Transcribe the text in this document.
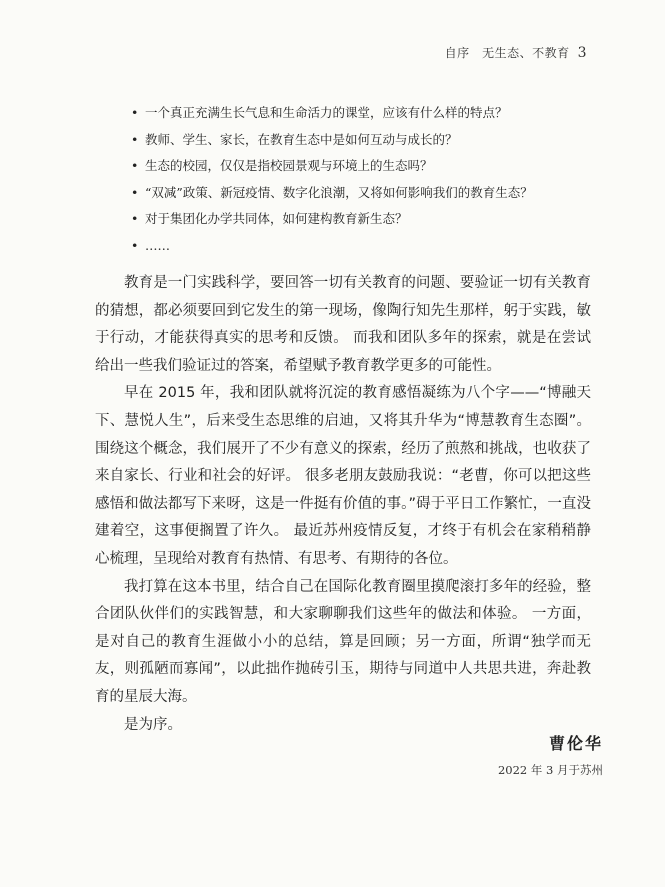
自序　无生态、不教育 3
• 一个真正充满生长气息和生命活力的课堂，应该有什么样的特点？
• 教师、学生、家长，在教育生态中是如何互动与成长的？
• 生态的校园，仅仅是指校园景观与环境上的生态吗？
• “双减”政策、新冠疫情、数字化浪潮，又将如何影响我们的教育生态？
• 对于集团化办学共同体，如何建构教育新生态？
• ……

教育是一门实践科学，要回答一切有关教育的问题、要验证一切有关教育的猜想，都必须要回到它发生的第一现场，像陶行知先生那样，躬于实践，敏于行动，才能获得真实的思考和反馈。 而我和团队多年的探索，就是在尝试给出一些我们验证过的答案，希望赋予教育教学更多的可能性。

早在 2015 年，我和团队就将沉淀的教育感悟凝练为八个字——“博融天下、慧悦人生”，后来受生态思维的启迪，又将其升华为“博慧教育生态圈”。 围绕这个概念，我们展开了不少有意义的探索，经历了煎熬和挑战，也收获了来自家长、行业和社会的好评。 很多老朋友鼓励我说：“老曹，你可以把这些感悟和做法都写下来呀，这是一件挺有价值的事。”碍于平日工作繁忙，一直没建着空，这事便搁置了许久。 最近苏州疫情反复，才终于有机会在家稍稍静心梳理，呈现给对教育有热情、有思考、有期待的各位。

我打算在这本书里，结合自己在国际化教育圈里摸爬滚打多年的经验，整合团队伙伴们的实践智慧，和大家聊聊我们这些年的做法和体验。 一方面，是对自己的教育生涯做小小的总结，算是回顾；另一方面，所谓“独学而无友，则孤陋而寡闻”，以此拙作抛砖引玉，期待与同道中人共思共进，奔赴教育的星辰大海。

是为序。

曹伦华
2022 年 3 月于苏州
